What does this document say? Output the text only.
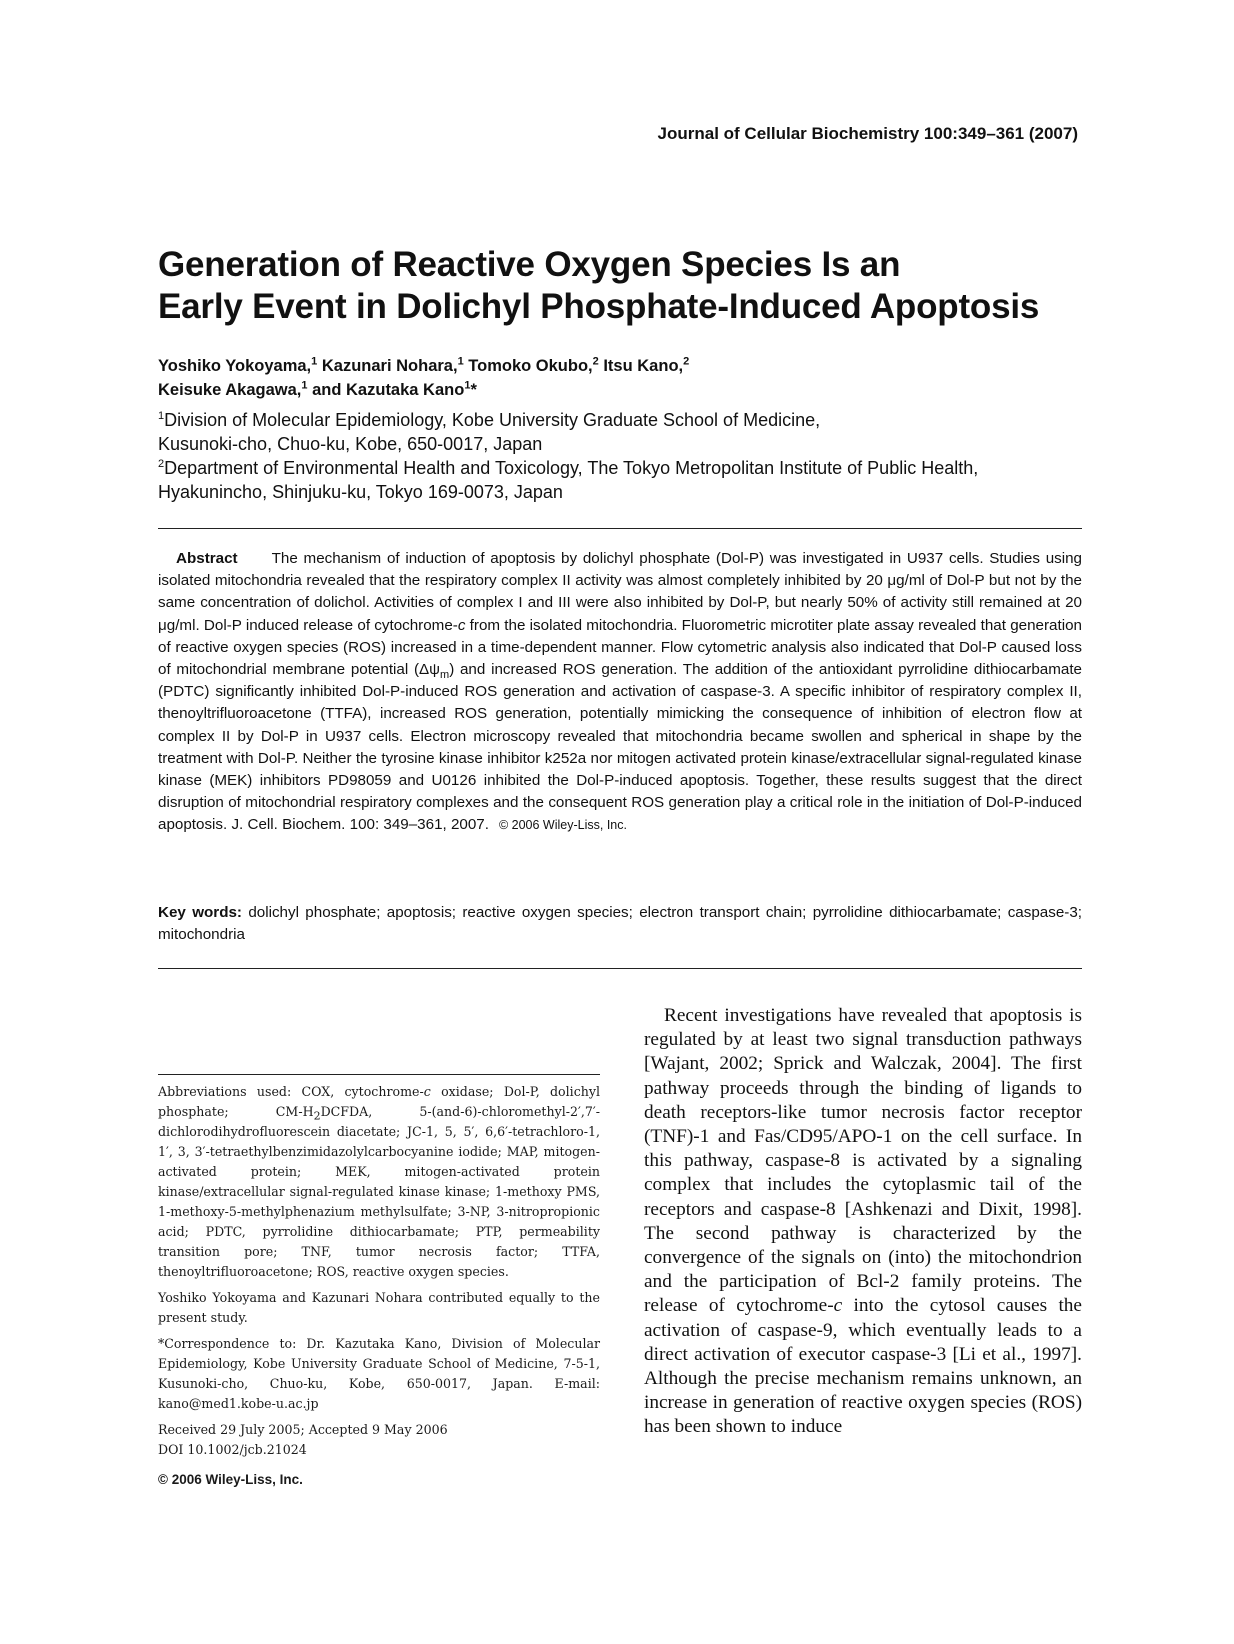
Journal of Cellular Biochemistry 100:349–361 (2007)
Generation of Reactive Oxygen Species Is an
Early Event in Dolichyl Phosphate-Induced Apoptosis
Yoshiko Yokoyama,$^1$ Kazunari Nohara,$^1$ Tomoko Okubo,$^2$ Itsu Kano,$^2$
Keisuke Akagawa,$^1$ and Kazutaka Kano$^1$*
$^1$Division of Molecular Epidemiology, Kobe University Graduate School of Medicine,
Kusunoki-cho, Chuo-ku, Kobe, 650-0017, Japan
$^2$Department of Environmental Health and Toxicology, The Tokyo Metropolitan Institute of Public Health,
Hyakunincho, Shinjuku-ku, Tokyo 169-0073, Japan
Abstract The mechanism of induction of apoptosis by dolichyl phosphate (Dol-P) was investigated in U937 cells. Studies using isolated mitochondria revealed that the respiratory complex II activity was almost completely inhibited by 20 μg/ml of Dol-P but not by the same concentration of dolichol. Activities of complex I and III were also inhibited by Dol-P, but nearly 50% of activity still remained at 20 μg/ml. Dol-P induced release of cytochrome-c from the isolated mitochondria. Fluorometric microtiter plate assay revealed that generation of reactive oxygen species (ROS) increased in a time-dependent manner. Flow cytometric analysis also indicated that Dol-P caused loss of mitochondrial membrane potential $(\Delta\psi_m)$ and increased ROS generation. The addition of the antioxidant pyrrolidine dithiocarbamate (PDTC) significantly inhibited Dol-P-induced ROS generation and activation of caspase-3. A specific inhibitor of respiratory complex II, thenoyltrifluoroacetone (TTFA), increased ROS generation, potentially mimicking the consequence of inhibition of electron flow at complex II by Dol-P in U937 cells. Electron microscopy revealed that mitochondria became swollen and spherical in shape by the treatment with Dol-P. Neither the tyrosine kinase inhibitor k252a nor mitogen activated protein kinase/extracellular signal-regulated kinase kinase (MEK) inhibitors PD98059 and U0126 inhibited the Dol-P-induced apoptosis. Together, these results suggest that the direct disruption of mitochondrial respiratory complexes and the consequent ROS generation play a critical role in the initiation of Dol-P-induced apoptosis. J. Cell. Biochem. 100: 349–361, 2007. © 2006 Wiley-Liss, Inc.
Key words: dolichyl phosphate; apoptosis; reactive oxygen species; electron transport chain; pyrrolidine dithiocarbamate; caspase-3; mitochondria

Abbreviations used: COX, cytochrome-c oxidase; Dol-P, dolichyl phosphate; $CM-H_2DCFDA$, 5-(and-6)-chloromethyl-2′,7′-dichlorodihydrofluorescein diacetate; JC-1, 5, 5′, 6,6′-tetrachloro-1, 1′, 3, 3′-tetraethylbenzimidazolylcarbocyanine iodide; MAP, mitogen-activated protein; MEK, mitogen-activated protein kinase/extracellular signal-regulated kinase kinase; 1-methoxy PMS, 1-methoxy-5-methylphenazium methylsulfate; 3-NP, 3-nitropropionic acid; PDTC, pyrrolidine dithiocarbamate; PTP, permeability transition pore; TNF, tumor necrosis factor; TTFA, thenoyltrifluoroacetone; ROS, reactive oxygen species.

Yoshiko Yokoyama and Kazunari Nohara contributed equally to the present study.

*Correspondence to: Dr. Kazutaka Kano, Division of Molecular Epidemiology, Kobe University Graduate School of Medicine, 7-5-1, Kusunoki-cho, Chuo-ku, Kobe, 650-0017, Japan. E-mail: kano@med1.kobe-u.ac.jp

Received 29 July 2005; Accepted 9 May 2006

DOI 10.1002/jcb.21024

© 2006 Wiley-Liss, Inc.

Recent investigations have revealed that apoptosis is regulated by at least two signal transduction pathways [Wajant, 2002; Sprick and Walczak, 2004]. The first pathway proceeds through the binding of ligands to death receptors-like tumor necrosis factor receptor (TNF)-1 and Fas/CD95/APO-1 on the cell surface. In this pathway, caspase-8 is activated by a signaling complex that includes the cytoplasmic tail of the receptors and caspase-8 [Ashkenazi and Dixit, 1998]. The second pathway is characterized by the convergence of the signals on (into) the mitochondrion and the participation of Bcl-2 family proteins. The release of cytochrome-c into the cytosol causes the activation of caspase-9, which eventually leads to a direct activation of executor caspase-3 [Li et al., 1997]. Although the precise mechanism remains unknown, an increase in generation of reactive oxygen species (ROS) has been shown to induce
